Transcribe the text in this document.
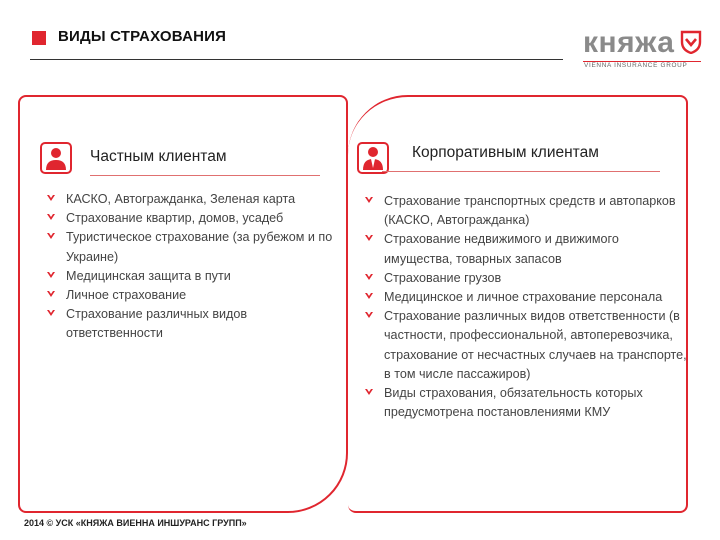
ВИДЫ СТРАХОВАНИЯ	княжа
VIENNA INSURANCE GROUP
Частным клиентам
КАСКО, Автогражданка, Зеленая карта
Страхование квартир, домов, усадеб
Туристическое страхование (за рубежом и по Украине)
Медицинская защита в пути
Личное страхование
Страхование различных видов ответственности
Корпоративным клиентам
Страхование транспортных средств и автопарков (КАСКО, Автогражданка)
Страхование недвижимого и движимого имущества, товарных запасов
Страхование грузов
Медицинское и личное страхование персонала
Страхование различных видов ответственности (в частности, профессиональной, автоперевозчика, страхование от несчастных случаев на транспорте, в том числе пассажиров)
Виды страхования, обязательность которых предусмотрена постановлениями КМУ
2014 © УСК «КНЯЖА ВИЕННА ИНШУРАНС ГРУПП»
